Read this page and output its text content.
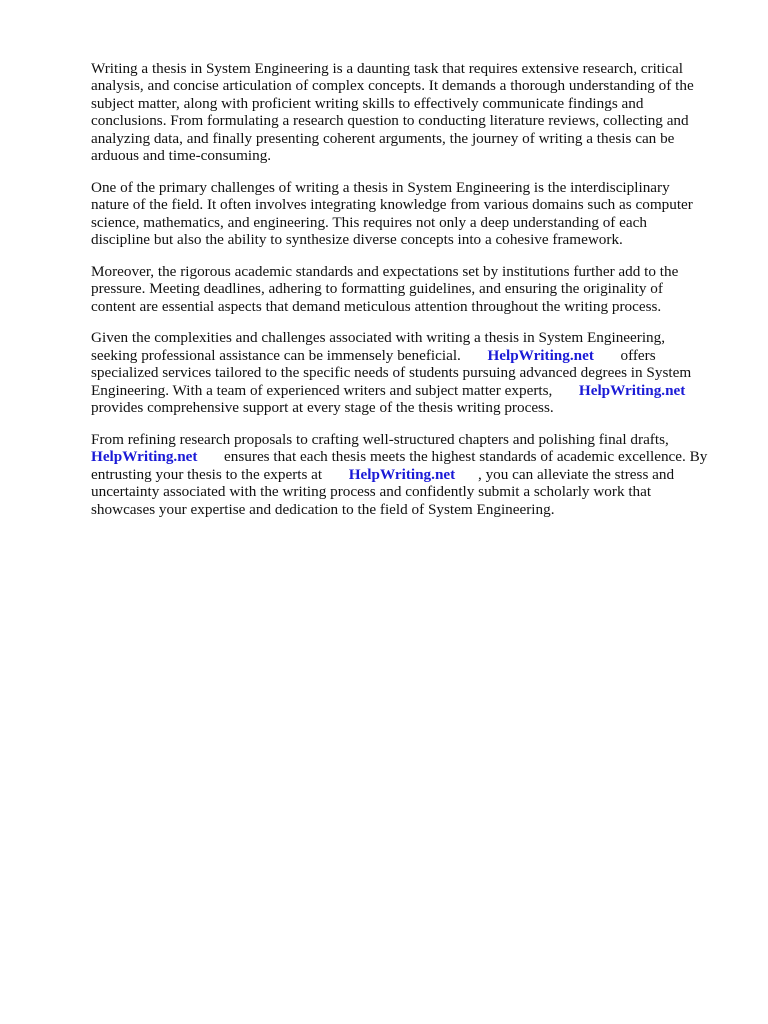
Writing a thesis in System Engineering is a daunting task that requires extensive research, critical
analysis, and concise articulation of complex concepts. It demands a thorough understanding of the
subject matter, along with proficient writing skills to effectively communicate findings and
conclusions. From formulating a research question to conducting literature reviews, collecting and
analyzing data, and finally presenting coherent arguments, the journey of writing a thesis can be
arduous and time-consuming.

One of the primary challenges of writing a thesis in System Engineering is the interdisciplinary
nature of the field. It often involves integrating knowledge from various domains such as computer
science, mathematics, and engineering. This requires not only a deep understanding of each
discipline but also the ability to synthesize diverse concepts into a cohesive framework.

Moreover, the rigorous academic standards and expectations set by institutions further add to the
pressure. Meeting deadlines, adhering to formatting guidelines, and ensuring the originality of
content are essential aspects that demand meticulous attention throughout the writing process.

Given the complexities and challenges associated with writing a thesis in System Engineering,
seeking professional assistance can be immensely beneficial. HelpWriting.net offers
specialized services tailored to the specific needs of students pursuing advanced degrees in System
Engineering. With a team of experienced writers and subject matter experts, HelpWriting.net
provides comprehensive support at every stage of the thesis writing process.

From refining research proposals to crafting well-structured chapters and polishing final drafts,
HelpWriting.net ensures that each thesis meets the highest standards of academic excellence. By
entrusting your thesis to the experts at HelpWriting.net , you can alleviate the stress and
uncertainty associated with the writing process and confidently submit a scholarly work that
showcases your expertise and dedication to the field of System Engineering.
